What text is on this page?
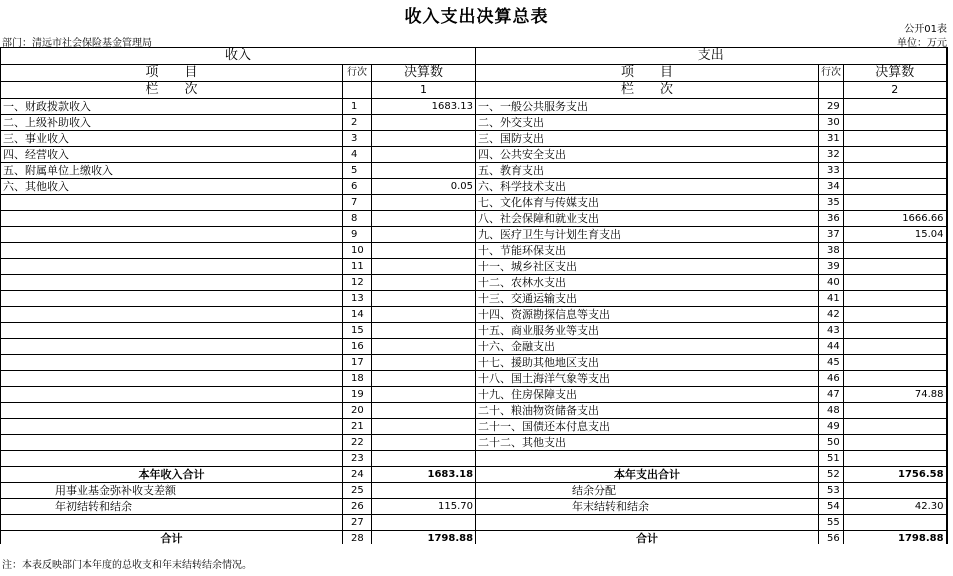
收入支出决算总表
公开01表
部门：清远市社会保险基金管理局	单位：万元
收入			支出		
项　　目	行次	决算数	项　　目	行次	决算数
栏　　次		1	栏　　次		2
一、财政拨款收入	1	1683.13	一、一般公共服务支出	29	
二、上级补助收入	2		二、外交支出	30	
三、事业收入	3		三、国防支出	31	
四、经营收入	4		四、公共安全支出	32	
五、附属单位上缴收入	5		五、教育支出	33	
六、其他收入	6	0.05	六、科学技术支出	34	
	7		七、文化体育与传媒支出	35	
	8		八、社会保障和就业支出	36	1666.66
	9		九、医疗卫生与计划生育支出	37	15.04
	10		十、节能环保支出	38	
	11		十一、城乡社区支出	39	
	12		十二、农林水支出	40	
	13		十三、交通运输支出	41	
	14		十四、资源勘探信息等支出	42	
	15		十五、商业服务业等支出	43	
	16		十六、金融支出	44	
	17		十七、援助其他地区支出	45	
	18		十八、国土海洋气象等支出	46	
	19		十九、住房保障支出	47	74.88
	20		二十、粮油物资储备支出	48	
	21		二十一、国债还本付息支出	49	
	22		二十二、其他支出	50	
	23			51	
本年收入合计	24	1683.18	本年支出合计	52	1756.58
用事业基金弥补收支差额	25		结余分配	53	
年初结转和结余	26	115.70	年末结转和结余	54	42.30
	27			55	
合计	28	1798.88	合计	56	1798.88
注：本表反映部门本年度的总收支和年末结转结余情况。
